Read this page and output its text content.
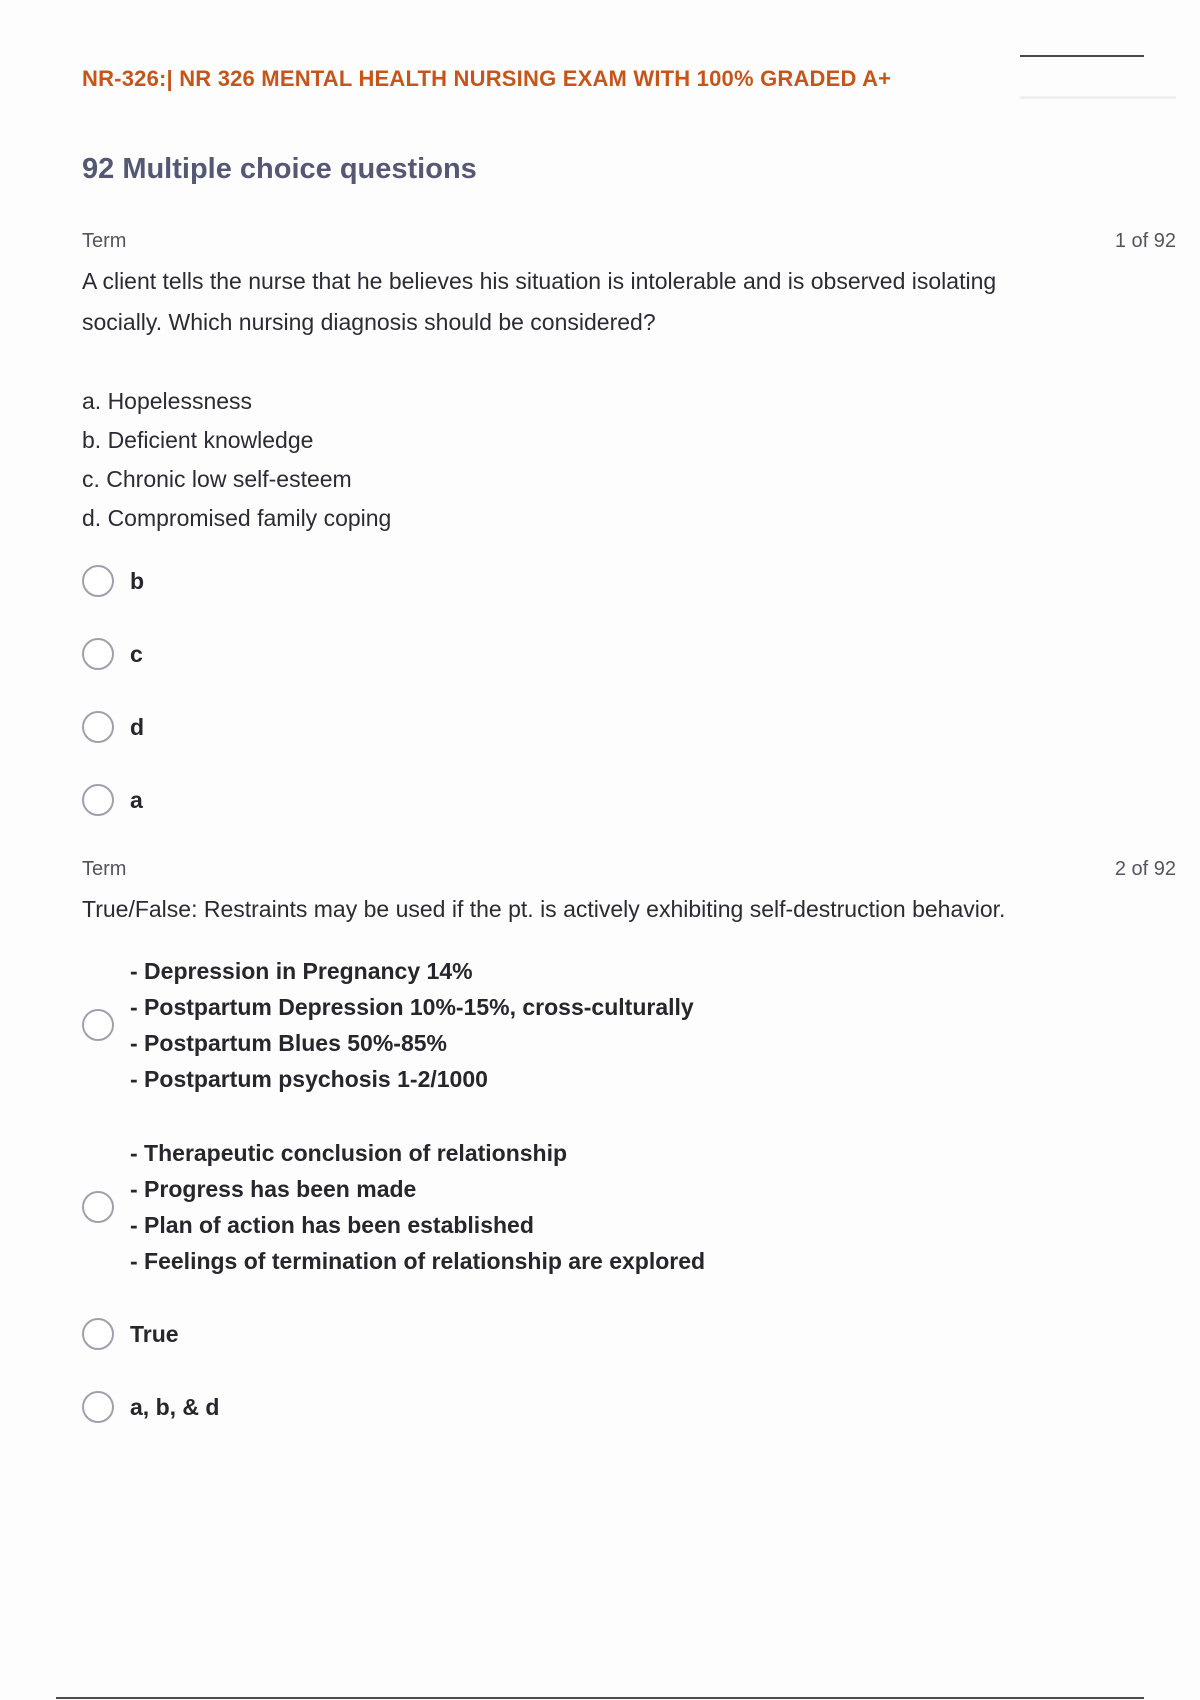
NR-326:| NR 326 MENTAL HEALTH NURSING EXAM WITH 100% GRADED A+
92 Multiple choice questions
Term	1 of 92
A client tells the nurse that he believes his situation is intolerable and is observed isolating socially. Which nursing diagnosis should be considered?
a. Hopelessness
b. Deficient knowledge
c. Chronic low self-esteem
d. Compromised family coping
b
c
d
a
Term	2 of 92
True/False: Restraints may be used if the pt. is actively exhibiting self-destruction behavior.
- Depression in Pregnancy 14%
- Postpartum Depression 10%-15%, cross-culturally
- Postpartum Blues 50%-85%
- Postpartum psychosis 1-2/1000
- Therapeutic conclusion of relationship
- Progress has been made
- Plan of action has been established
- Feelings of termination of relationship are explored
True
a, b, & d
